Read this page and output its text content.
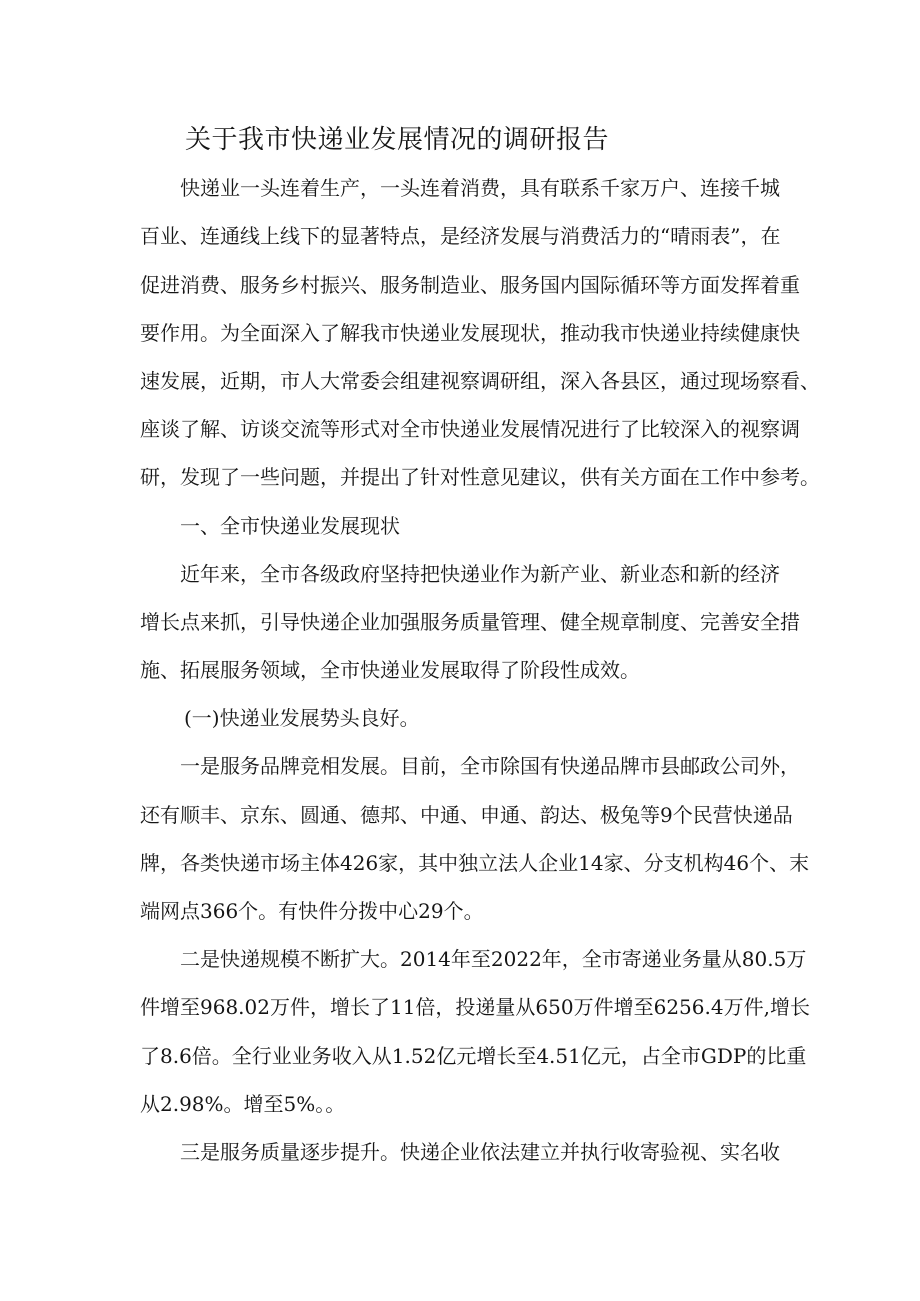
关于我市快递业发展情况的调研报告
快递业一头连着生产，一头连着消费，具有联系千家万户、连接千城
百业、连通线上线下的显著特点，是经济发展与消费活力的“晴雨表”，在
促进消费、服务乡村振兴、服务制造业、服务国内国际循环等方面发挥着重
要作用。为全面深入了解我市快递业发展现状，推动我市快递业持续健康快
速发展，近期，市人大常委会组建视察调研组，深入各县区，通过现场察看、
座谈了解、访谈交流等形式对全市快递业发展情况进行了比较深入的视察调
研，发现了一些问题，并提出了针对性意见建议，供有关方面在工作中参考。
一、全市快递业发展现状
近年来，全市各级政府坚持把快递业作为新产业、新业态和新的经济
增长点来抓，引导快递企业加强服务质量管理、健全规章制度、完善安全措
施、拓展服务领域，全市快递业发展取得了阶段性成效。
(一)快递业发展势头良好。
一是服务品牌竞相发展。目前，全市除国有快递品牌市县邮政公司外，
还有顺丰、京东、圆通、德邦、中通、申通、韵达、极兔等9个民营快递品
牌，各类快递市场主体426家，其中独立法人企业14家、分支机构46个、末
端网点366个。有快件分拨中心29个。
二是快递规模不断扩大。2014年至2022年，全市寄递业务量从80.5万
件增至968.02万件，增长了11倍，投递量从650万件增至6256.4万件,增长
了8.6倍。全行业业务收入从1.52亿元增长至4.51亿元，占全市GDP的比重
从2.98%。增至5%。。
三是服务质量逐步提升。快递企业依法建立并执行收寄验视、实名收
